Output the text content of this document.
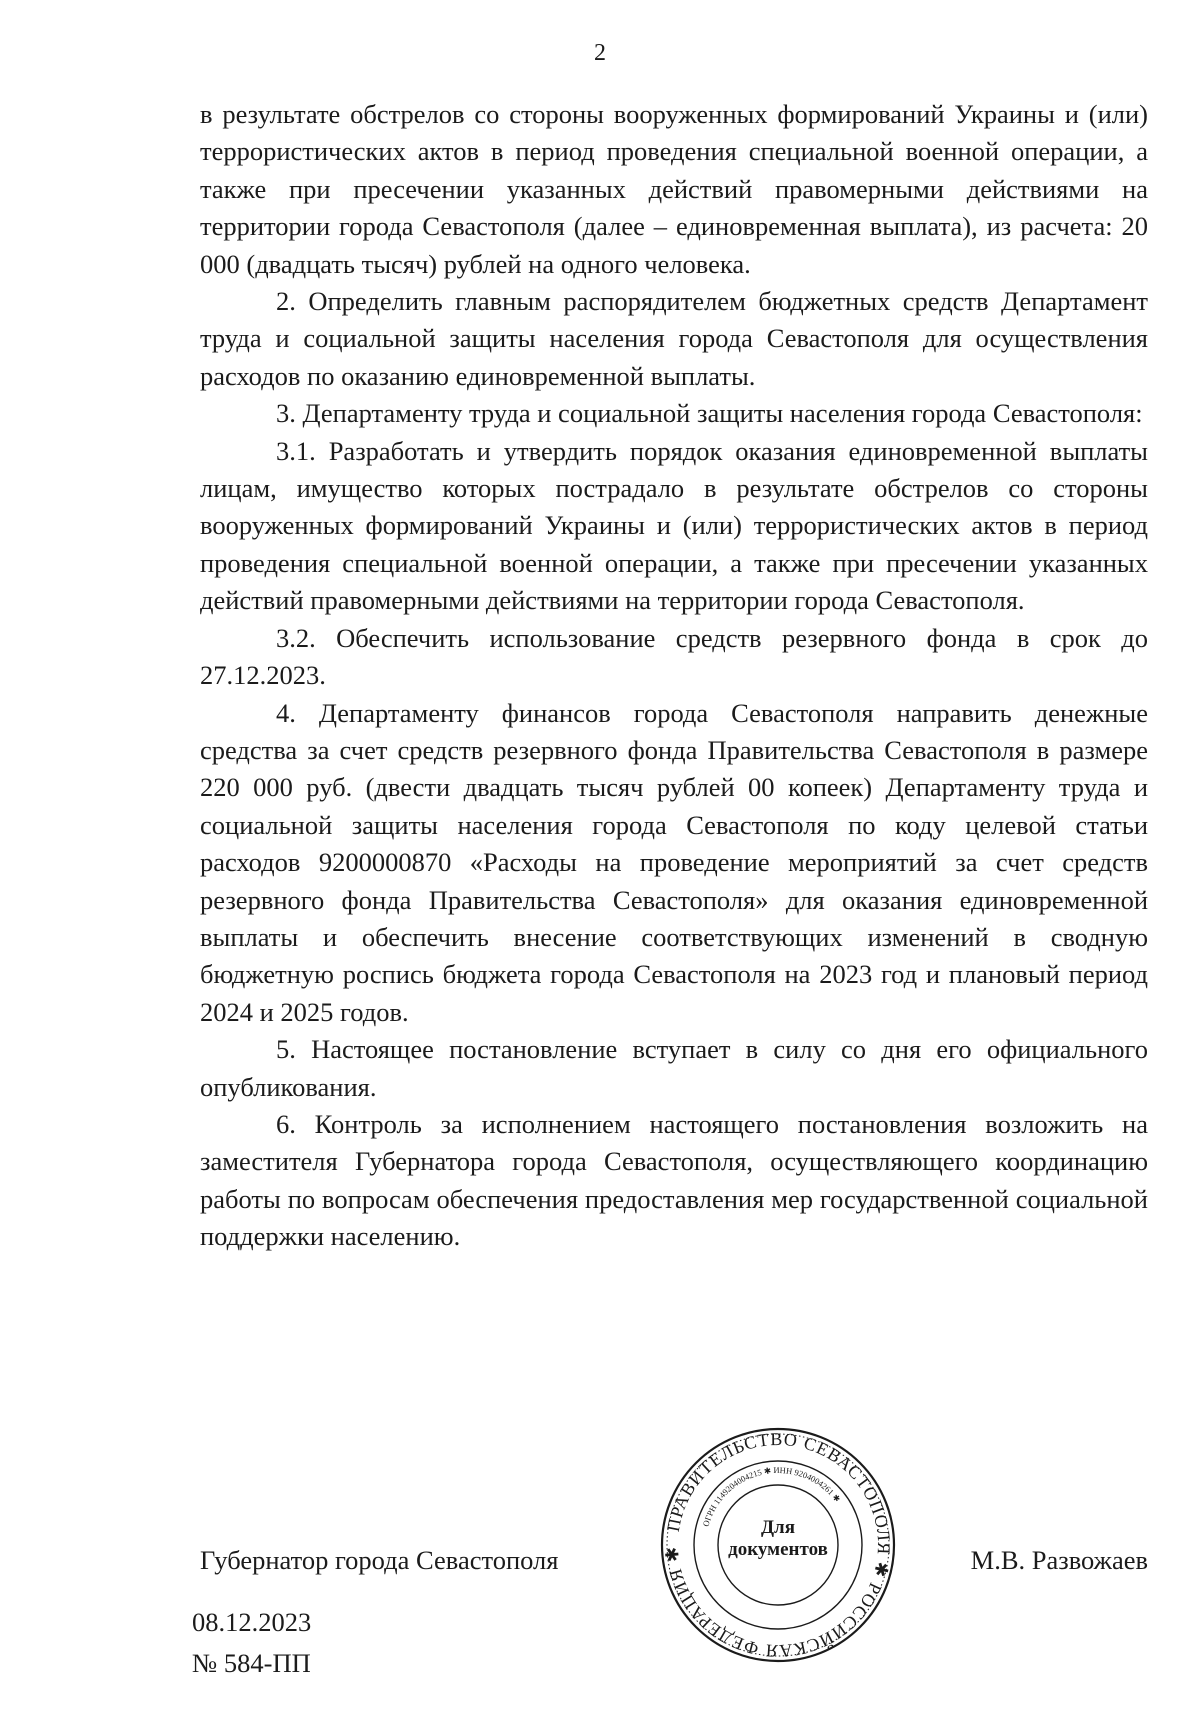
2

в результате обстрелов со стороны вооруженных формирований Украины и (или) террористических актов в период проведения специальной военной операции, а также при пресечении указанных действий правомерными действиями на территории города Севастополя (далее – единовременная выплата), из расчета: 20 000 (двадцать тысяч) рублей на одного человека.

2. Определить главным распорядителем бюджетных средств Департамент труда и социальной защиты населения города Севастополя для осуществления расходов по оказанию единовременной выплаты.

3. Департаменту труда и социальной защиты населения города Севастополя:

3.1. Разработать и утвердить порядок оказания единовременной выплаты лицам, имущество которых пострадало в результате обстрелов со стороны вооруженных формирований Украины и (или) террористических актов в период проведения специальной военной операции, а также при пресечении указанных действий правомерными действиями на территории города Севастополя.

3.2. Обеспечить использование средств резервного фонда в срок до 27.12.2023.

4. Департаменту финансов города Севастополя направить денежные средства за счет средств резервного фонда Правительства Севастополя в размере 220 000 руб. (двести двадцать тысяч рублей 00 копеек) Департаменту труда и социальной защиты населения города Севастополя по коду целевой статьи расходов 9200000870 «Расходы на проведение мероприятий за счет средств резервного фонда Правительства Севастополя» для оказания единовременной выплаты и обеспечить внесение соответствующих изменений в сводную бюджетную роспись бюджета города Севастополя на 2023 год и плановый период 2024 и 2025 годов.

5. Настоящее постановление вступает в силу со дня его официального опубликования.

6. Контроль за исполнением настоящего постановления возложить на заместителя Губернатора города Севастополя, осуществляющего координацию работы по вопросам обеспечения предоставления мер государственной социальной поддержки населению.

ПРАВИТЕЛЬСТВО СЕВАСТОПОЛЯ ✱ РОССИЙСКАЯ ФЕДЕРАЦИЯ ✱
ОГРН 1149204004215 ✱ ИНН 9204004261 ✱
Для
документов
Губернатор города Севастополя	М.В. Развожаев
08.12.2023
№ 584-ПП
